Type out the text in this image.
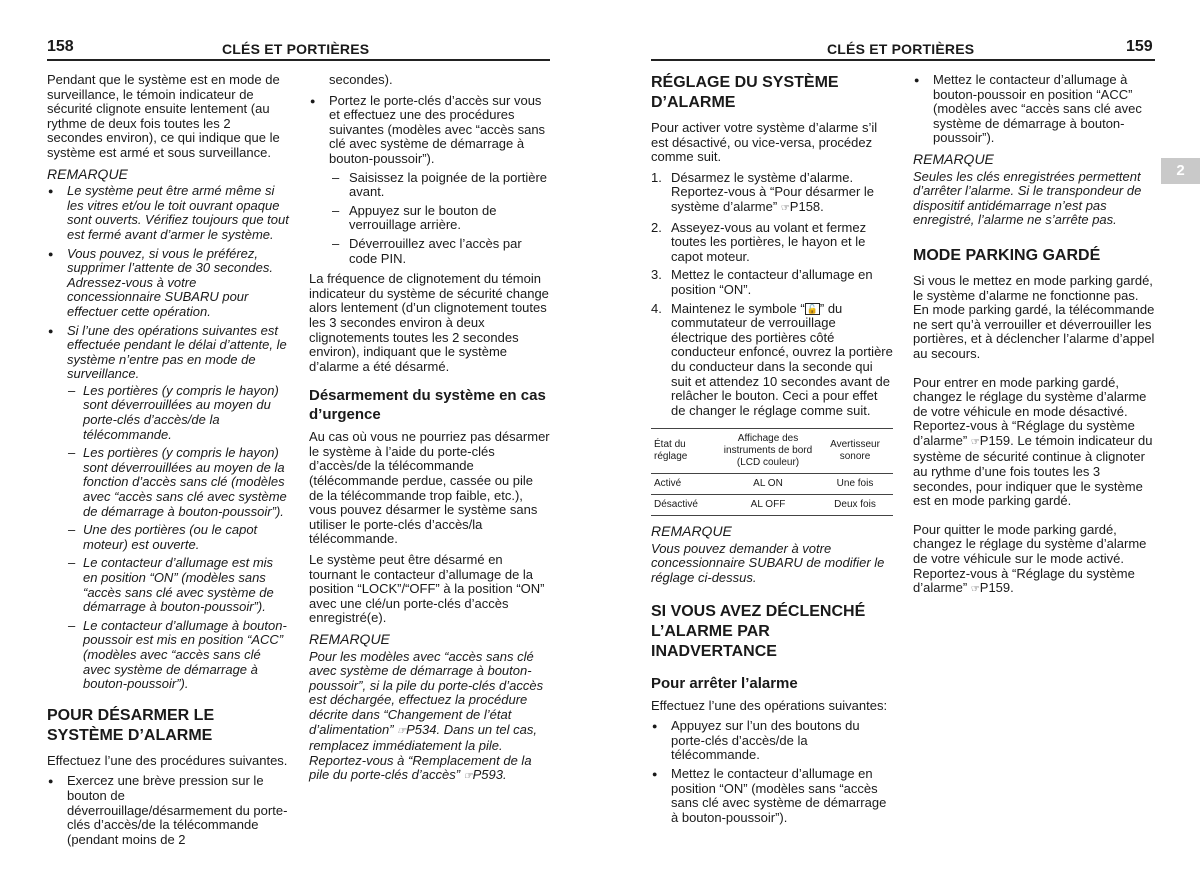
158	CLÉS ET PORTIÈRES	CLÉS ET PORTIÈRES	159
2

Pendant que le système est en mode de surveillance, le témoin indicateur de sécurité clignote ensuite lentement (au rythme de deux fois toutes les 2 secondes environ), ce qui indique que le système est armé et sous surveillance.

REMARQUE
● Le système peut être armé même si les vitres et/ou le toit ouvrant opaque sont ouverts. Vérifiez toujours que tout est fermé avant d’armer le système.
● Vous pouvez, si vous le préférez, supprimer l’attente de 30 secondes. Adressez-vous à votre concessionnaire SUBARU pour effectuer cette opération.
● Si l’une des opérations suivantes est effectuée pendant le délai d’attente, le système n’entre pas en mode de surveillance.
– Les portières (y compris le hayon) sont déverrouillées au moyen du porte-clés d’accès/de la télécommande.
– Les portières (y compris le hayon) sont déverrouillées au moyen de la fonction d’accès sans clé (modèles avec “accès sans clé avec système de démarrage à bouton-poussoir”).
– Une des portières (ou le capot moteur) est ouverte.
– Le contacteur d’allumage est mis en position “ON” (modèles sans “accès sans clé avec système de démarrage à bouton-poussoir”).
– Le contacteur d’allumage à bouton-poussoir est mis en position “ACC” (modèles avec “accès sans clé avec système de démarrage à bouton-poussoir”).
POUR DÉSARMER LE SYSTÈME D’ALARME

Effectuez l’une des procédures suivantes.

● Exercez une brève pression sur le bouton de déverrouillage/désarmement du porte-clés d’accès/de la télécommande (pendant moins de 2

secondes).

● Portez le porte-clés d’accès sur vous et effectuez une des procédures suivantes (modèles avec “accès sans clé avec système de démarrage à bouton-poussoir”).
– Saisissez la poignée de la portière avant.
– Appuyez sur le bouton de verrouillage arrière.
– Déverrouillez avec l’accès par code PIN.

La fréquence de clignotement du témoin indicateur du système de sécurité change alors lentement (d’un clignotement toutes les 3 secondes environ à deux clignotements toutes les 2 secondes environ), indiquant que le système d’alarme a été désarmé.

Désarmement du système en cas d’urgence

Au cas où vous ne pourriez pas désarmer le système à l’aide du porte-clés d’accès/de la télécommande (télécommande perdue, cassée ou pile de la télécommande trop faible, etc.), vous pouvez désarmer le système sans utiliser le porte-clés d’accès/la télécommande.

Le système peut être désarmé en tournant le contacteur d’allumage de la position “LOCK”/“OFF” à la position “ON” avec une clé/un porte-clés d’accès enregistré(e).

REMARQUE

Pour les modèles avec “accès sans clé avec système de démarrage à bouton-poussoir”, si la pile du porte-clés d’accès est déchargée, effectuez la procédure décrite dans “Changement de l’état d’alimentation” ☞P534. Dans un tel cas, remplacez immédiatement la pile. Reportez-vous à “Remplacement de la pile du porte-clés d’accès” ☞P593.

RÉGLAGE DU SYSTÈME D’ALARME

Pour activer votre système d’alarme s’il est désactivé, ou vice-versa, procédez comme suit.

1. Désarmez le système d’alarme. Reportez-vous à “Pour désarmer le système d’alarme” ☞P158.
2. Asseyez-vous au volant et fermez toutes les portières, le hayon et le capot moteur.
3. Mettez le contacteur d’allumage en position “ON”.
4. Maintenez le symbole “ 🔓 ” du commutateur de verrouillage électrique des portières côté conducteur enfoncé, ouvrez la portière du conducteur dans la seconde qui suit et attendez 10 secondes avant de relâcher le bouton. Ceci a pour effet de changer le réglage comme suit.
État du réglage	Affichage des instruments de bord (LCD couleur)	Avertisseur sonore
Activé	AL ON	Une fois
Désactivé	AL OFF	Deux fois
REMARQUE

Vous pouvez demander à votre concessionnaire SUBARU de modifier le réglage ci-dessus.

SI VOUS AVEZ DÉCLENCHÉ L’ALARME PAR INADVERTANCE
Pour arrêter l’alarme

Effectuez l’une des opérations suivantes:

● Appuyez sur l’un des boutons du porte-clés d’accès/de la télécommande.
● Mettez le contacteur d’allumage en position “ON” (modèles sans “accès sans clé avec système de démarrage à bouton-poussoir”).
● Mettez le contacteur d’allumage à bouton-poussoir en position “ACC” (modèles avec “accès sans clé avec système de démarrage à bouton-poussoir”).
REMARQUE

Seules les clés enregistrées permettent d’arrêter l’alarme. Si le transpondeur de dispositif antidémarrage n’est pas enregistré, l’alarme ne s’arrête pas.

MODE PARKING GARDÉ

Si vous le mettez en mode parking gardé, le système d’alarme ne fonctionne pas. En mode parking gardé, la télécommande ne sert qu’à verrouiller et déverrouiller les portières, et à déclencher l’alarme d’appel au secours.

Pour entrer en mode parking gardé, changez le réglage du système d’alarme de votre véhicule en mode désactivé. Reportez-vous à “Réglage du système d’alarme” ☞P159. Le témoin indicateur du système de sécurité continue à clignoter au rythme d’une fois toutes les 3 secondes, pour indiquer que le système est en mode parking gardé.

Pour quitter le mode parking gardé, changez le réglage du système d’alarme de votre véhicule sur le mode activé. Reportez-vous à “Réglage du système d’alarme” ☞P159.
